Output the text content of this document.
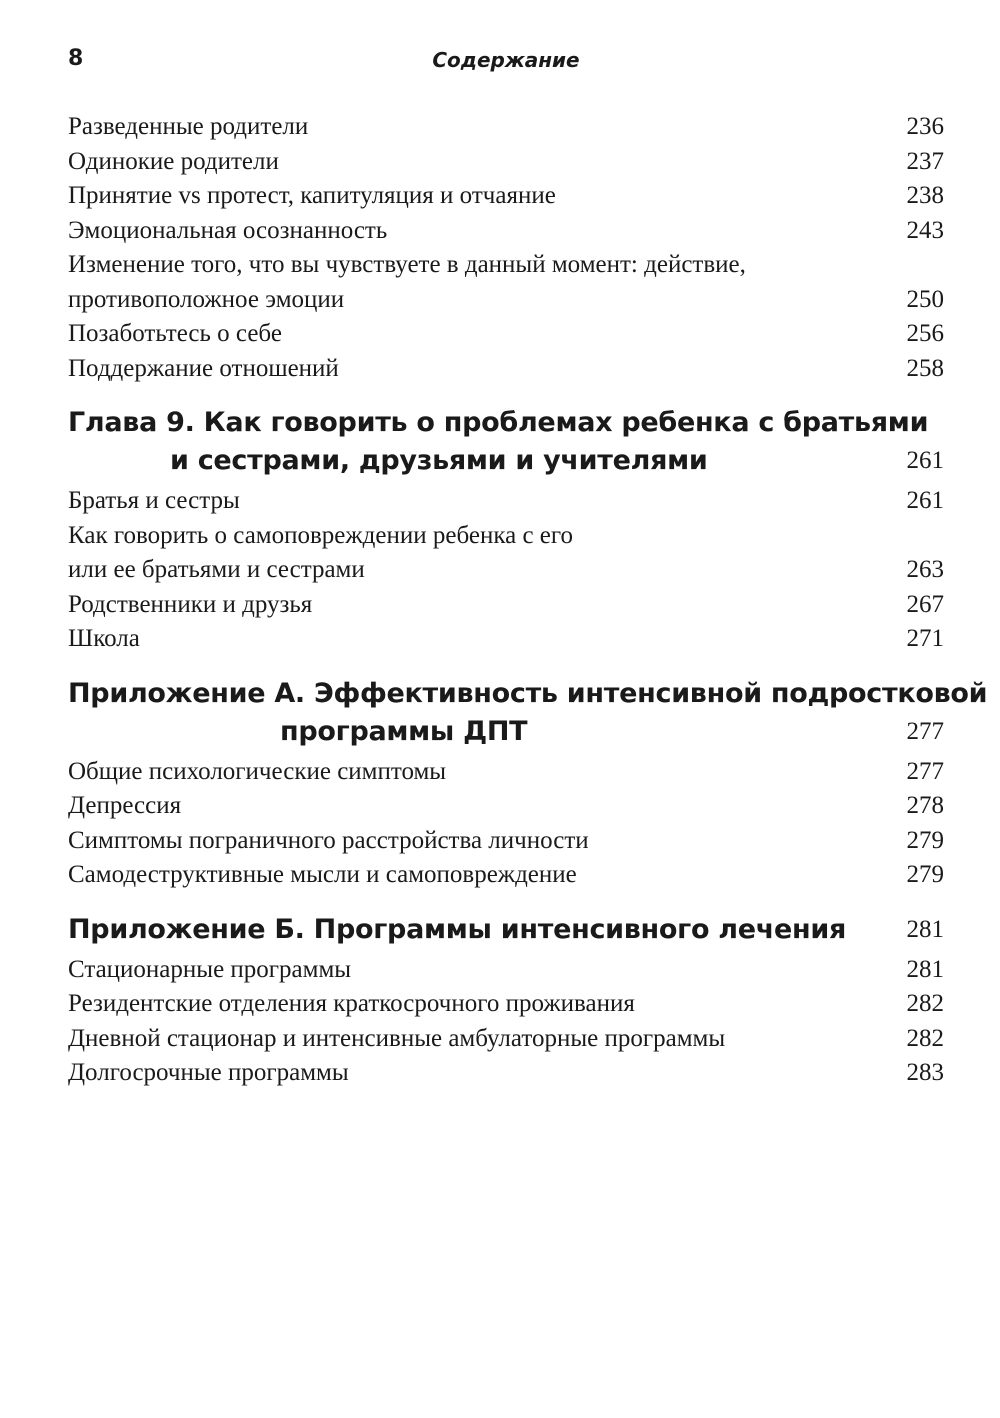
8	Содержание
Разведенные родители	236
Одинокие родители	237
Принятие vs протест, капитуляция и отчаяние	238
Эмоциональная осознанность	243
Изменение того, что вы чувствуете в данный момент: действие,
противоположное эмоции	250
Позаботьтесь о себе	256
Поддержание отношений	258
Глава 9. Как говорить о проблемах ребенка с братьями
и сестрами, друзьями и учителями	261
Братья и сестры	261
Как говорить о самоповреждении ребенка с его
или ее братьями и сестрами	263
Родственники и друзья	267
Школа	271
Приложение А. Эффективность интенсивной подростковой
программы ДПТ	277
Общие психологические симптомы	277
Депрессия	278
Симптомы пограничного расстройства личности	279
Самодеструктивные мысли и самоповреждение	279
Приложение Б. Программы интенсивного лечения	281
Стационарные программы	281
Резидентские отделения краткосрочного проживания	282
Дневной стационар и интенсивные амбулаторные программы	282
Долгосрочные программы	283
